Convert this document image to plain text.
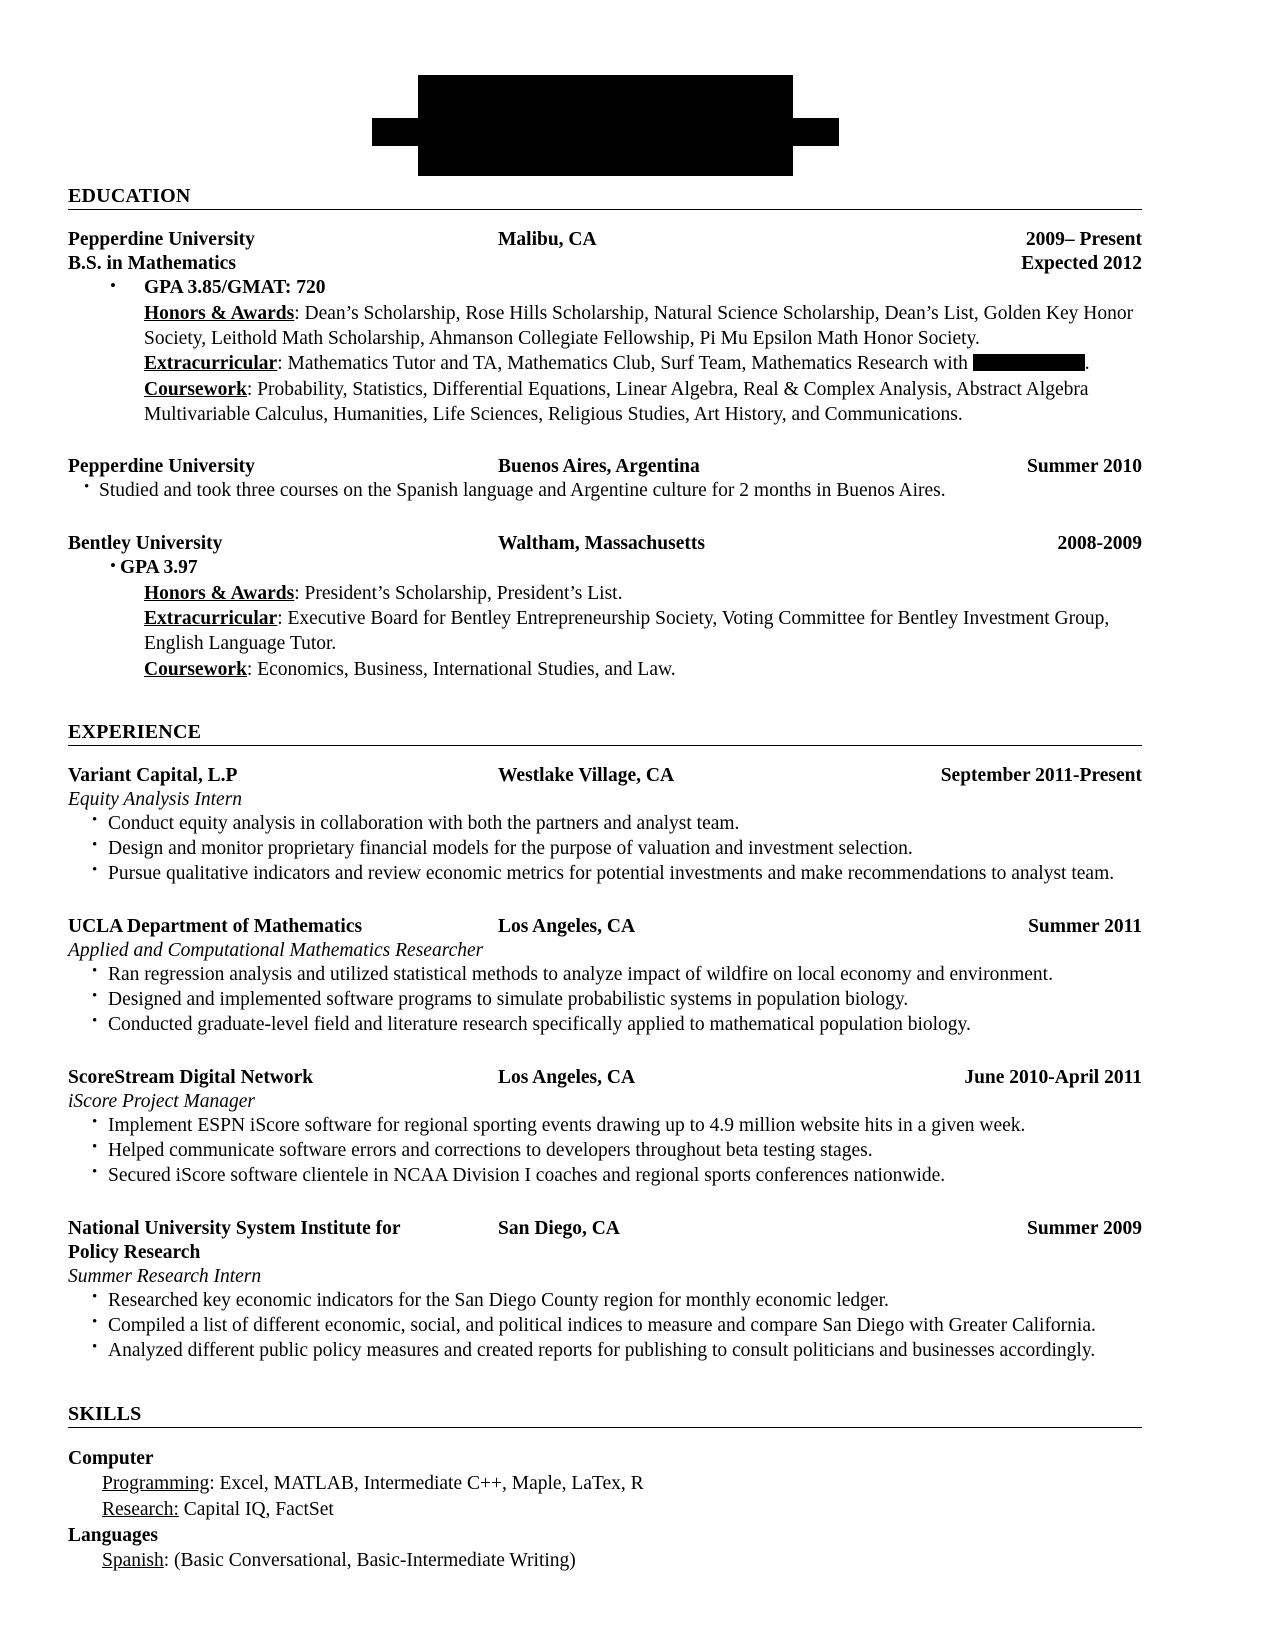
EDUCATION
Pepperdine University	Malibu, CA	2009– Present
B.S. in Mathematics	Expected 2012
• GPA 3.85/GMAT: 720
Honors & Awards: Dean’s Scholarship, Rose Hills Scholarship, Natural Science Scholarship, Dean’s List, Golden Key Honor Society, Leithold Math Scholarship, Ahmanson Collegiate Fellowship, Pi Mu Epsilon Math Honor Society.
Extracurricular: Mathematics Tutor and TA, Mathematics Club, Surf Team, Mathematics Research with	.
Coursework: Probability, Statistics, Differential Equations, Linear Algebra, Real & Complex Analysis, Abstract Algebra Multivariable Calculus, Humanities, Life Sciences, Religious Studies, Art History, and Communications.
Pepperdine University	Buenos Aires, Argentina	Summer 2010
• Studied and took three courses on the Spanish language and Argentine culture for 2 months in Buenos Aires.
Bentley University	Waltham, Massachusetts	2008-2009
• GPA 3.97
Honors & Awards: President’s Scholarship, President’s List.
Extracurricular: Executive Board for Bentley Entrepreneurship Society, Voting Committee for Bentley Investment Group, English Language Tutor.
Coursework: Economics, Business, International Studies, and Law.
EXPERIENCE
Variant Capital, L.P	Westlake Village, CA	September 2011-Present
Equity Analysis Intern
• Conduct equity analysis in collaboration with both the partners and analyst team.
• Design and monitor proprietary financial models for the purpose of valuation and investment selection.
• Pursue qualitative indicators and review economic metrics for potential investments and make recommendations to analyst team.
UCLA Department of Mathematics	Los Angeles, CA	Summer 2011
Applied and Computational Mathematics Researcher
• Ran regression analysis and utilized statistical methods to analyze impact of wildfire on local economy and environment.
• Designed and implemented software programs to simulate probabilistic systems in population biology.
• Conducted graduate-level field and literature research specifically applied to mathematical population biology.
ScoreStream Digital Network	Los Angeles, CA	June 2010-April 2011
iScore Project Manager
• Implement ESPN iScore software for regional sporting events drawing up to 4.9 million website hits in a given week.
• Helped communicate software errors and corrections to developers throughout beta testing stages.
• Secured iScore software clientele in NCAA Division I coaches and regional sports conferences nationwide.
National University System Institute for	San Diego, CA	Summer 2009
Policy Research
Summer Research Intern
• Researched key economic indicators for the San Diego County region for monthly economic ledger.
• Compiled a list of different economic, social, and political indices to measure and compare San Diego with Greater California.
• Analyzed different public policy measures and created reports for publishing to consult politicians and businesses accordingly.
SKILLS
Computer
Programming: Excel, MATLAB, Intermediate C++, Maple, LaTex, R
Research: Capital IQ, FactSet
Languages
Spanish: (Basic Conversational, Basic-Intermediate Writing)
